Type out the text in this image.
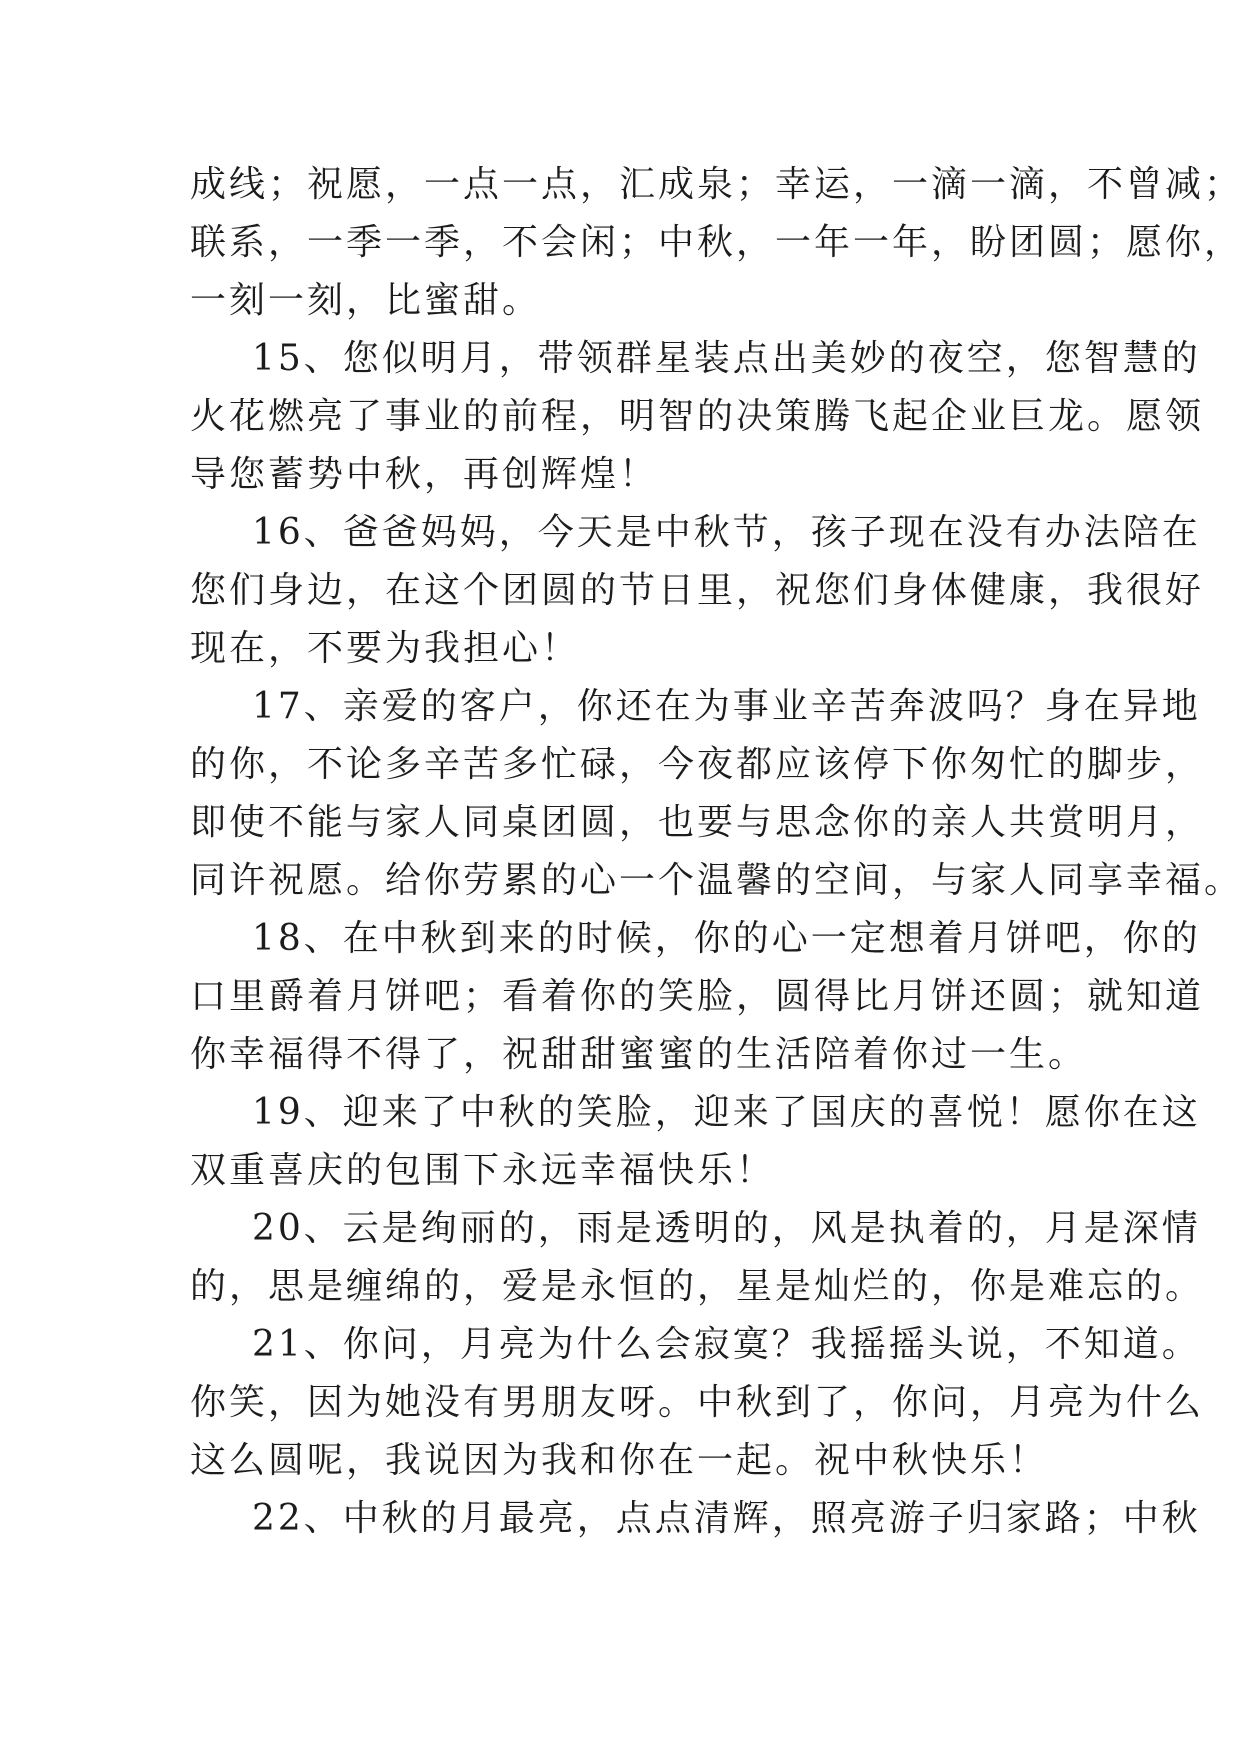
成线；祝愿，一点一点，汇成泉；幸运，一滴一滴，不曾减；
联系，一季一季，不会闲；中秋，一年一年，盼团圆；愿你，
一刻一刻，比蜜甜。
15、您似明月，带领群星装点出美妙的夜空，您智慧的
火花燃亮了事业的前程，明智的决策腾飞起企业巨龙。愿领
导您蓄势中秋，再创辉煌！
16、爸爸妈妈，今天是中秋节，孩子现在没有办法陪在
您们身边，在这个团圆的节日里，祝您们身体健康，我很好
现在，不要为我担心！
17、亲爱的客户，你还在为事业辛苦奔波吗？身在异地
的你，不论多辛苦多忙碌，今夜都应该停下你匆忙的脚步，
即使不能与家人同桌团圆，也要与思念你的亲人共赏明月，
同许祝愿。给你劳累的心一个温馨的空间，与家人同享幸福。
18、在中秋到来的时候，你的心一定想着月饼吧，你的
口里爵着月饼吧；看着你的笑脸，圆得比月饼还圆；就知道
你幸福得不得了，祝甜甜蜜蜜的生活陪着你过一生。
19、迎来了中秋的笑脸，迎来了国庆的喜悦！愿你在这
双重喜庆的包围下永远幸福快乐！
20、云是绚丽的，雨是透明的，风是执着的，月是深情
的，思是缠绵的，爱是永恒的，星是灿烂的，你是难忘的。
21、你问，月亮为什么会寂寞？我摇摇头说，不知道。
你笑，因为她没有男朋友呀。中秋到了，你问，月亮为什么
这么圆呢，我说因为我和你在一起。祝中秋快乐！
22、中秋的月最亮，点点清辉，照亮游子归家路；中秋
